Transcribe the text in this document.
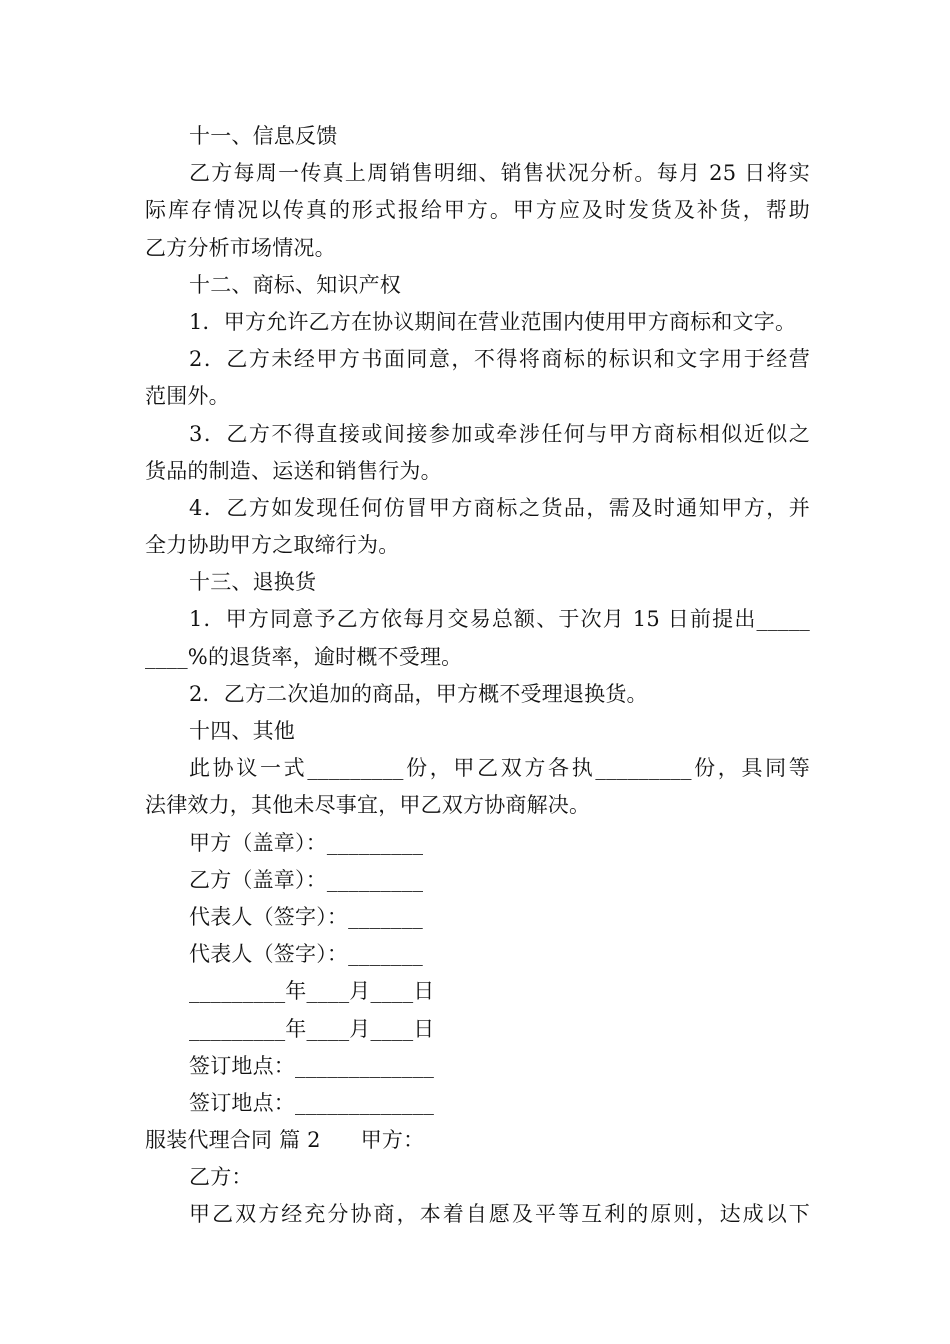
十一、信息反馈
乙方每周一传真上周销售明细、销售状况分析。每月 25 日将实
际库存情况以传真的形式报给甲方。甲方应及时发货及补货，帮助
乙方分析市场情况。
十二、商标、知识产权
1．甲方允许乙方在协议期间在营业范围内使用甲方商标和文字。
2．乙方未经甲方书面同意，不得将商标的标识和文字用于经营
范围外。
3．乙方不得直接或间接参加或牵涉任何与甲方商标相似近似之
货品的制造、运送和销售行为。
4．乙方如发现任何仿冒甲方商标之货品，需及时通知甲方，并
全力协助甲方之取缔行为。
十三、退换货
1．甲方同意予乙方依每月交易总额、于次月 15 日前提出_____
____%的退货率，逾时概不受理。
2．乙方二次追加的商品，甲方概不受理退换货。
十四、其他
此协议一式_________份，甲乙双方各执_________份，具同等
法律效力，其他未尽事宜，甲乙双方协商解决。
甲方（盖章）：_________
乙方（盖章）：_________
代表人（签字）：_______
代表人（签字）：_______
_________年____月____日
_________年____月____日
签订地点：_____________
签订地点：_____________
服装代理合同 篇 2 甲方：
乙方：
甲乙双方经充分协商，本着自愿及平等互利的原则，达成以下
